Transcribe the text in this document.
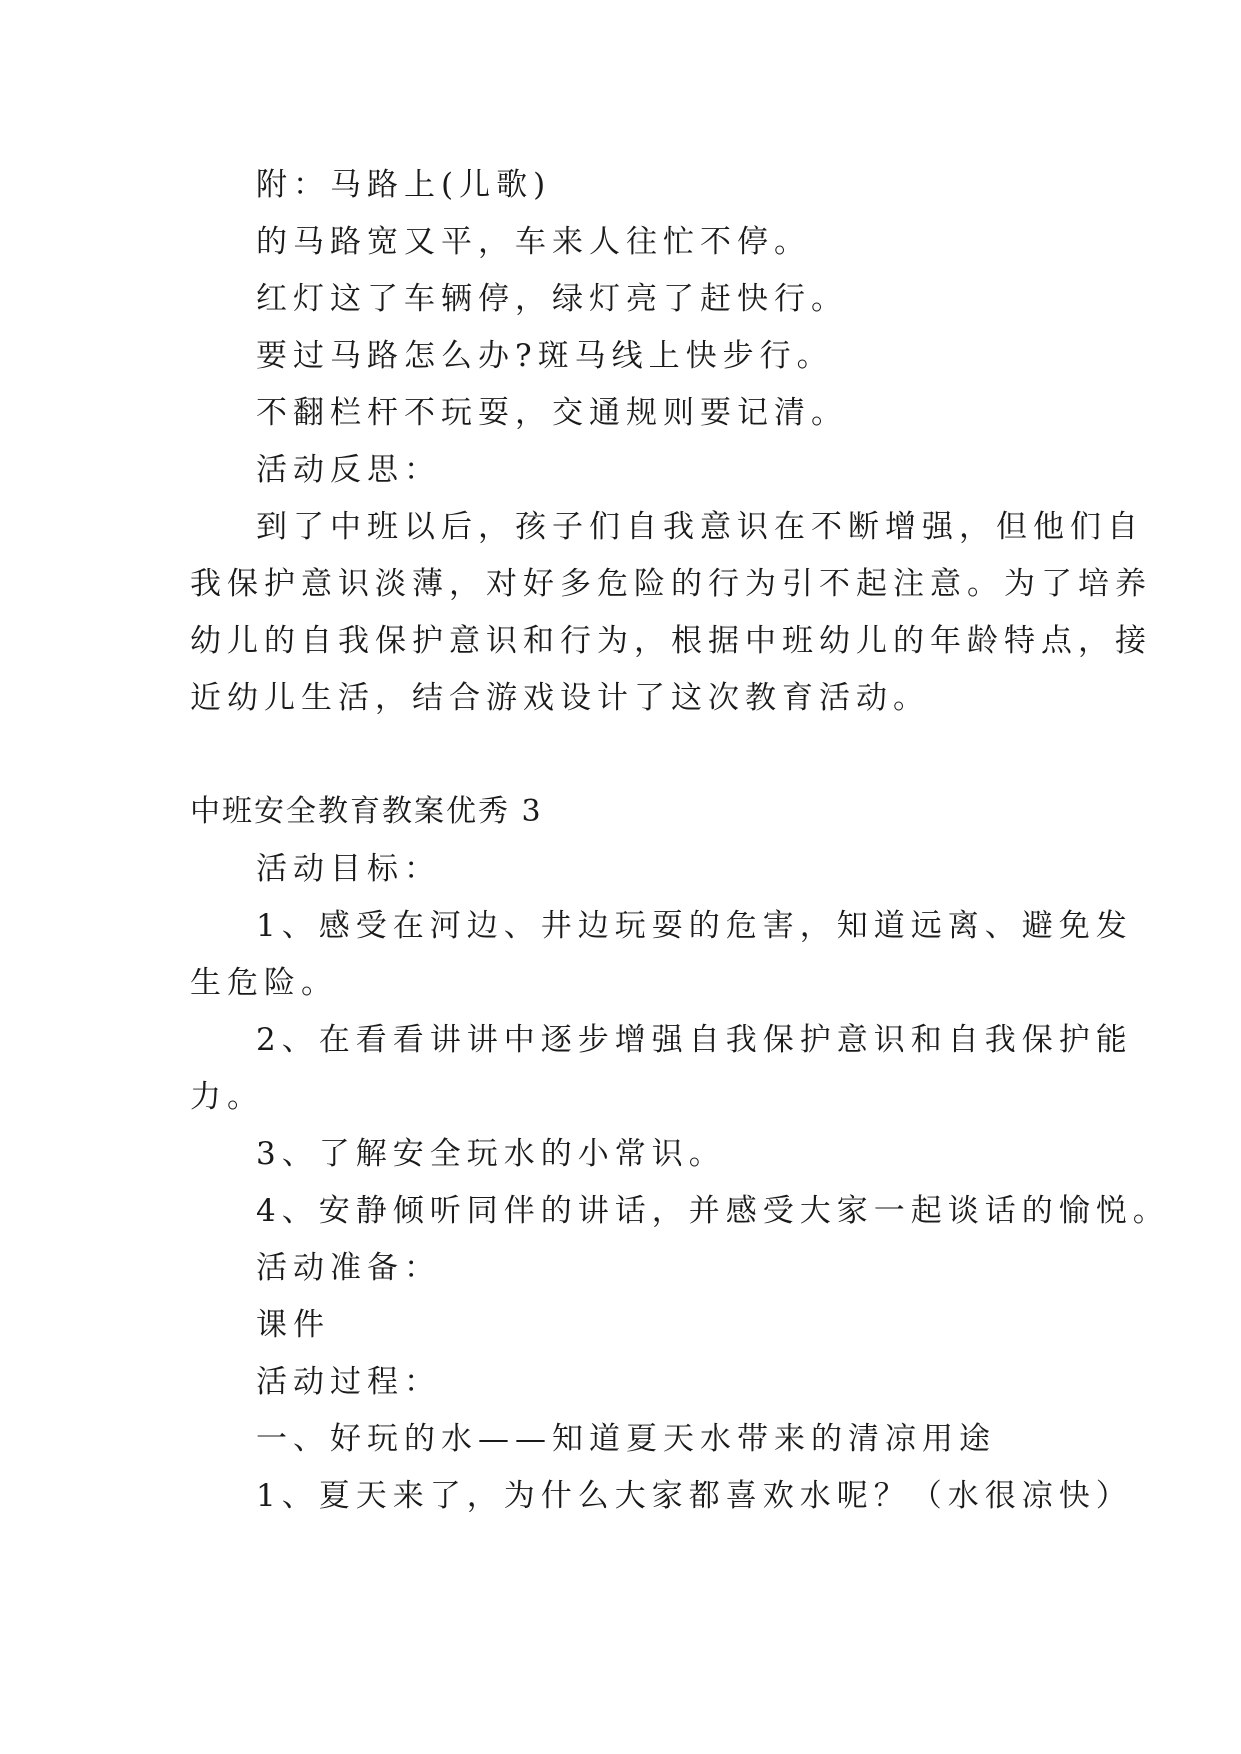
附：马路上(儿歌)
的马路宽又平，车来人往忙不停。
红灯这了车辆停，绿灯亮了赶快行。
要过马路怎么办?斑马线上快步行。
不翻栏杆不玩耍，交通规则要记清。
活动反思：
到了中班以后，孩子们自我意识在不断增强，但他们自
我保护意识淡薄，对好多危险的行为引不起注意。为了培养
幼儿的自我保护意识和行为，根据中班幼儿的年龄特点，接
近幼儿生活，结合游戏设计了这次教育活动。
中班安全教育教案优秀 3
活动目标：
1、感受在河边、井边玩耍的危害，知道远离、避免发
生危险。
2、在看看讲讲中逐步增强自我保护意识和自我保护能
力。
3、了解安全玩水的小常识。
4、安静倾听同伴的讲话，并感受大家一起谈话的愉悦。
活动准备：
课件
活动过程：
一、好玩的水——知道夏天水带来的清凉用途
1、夏天来了，为什么大家都喜欢水呢？（水很凉快）
